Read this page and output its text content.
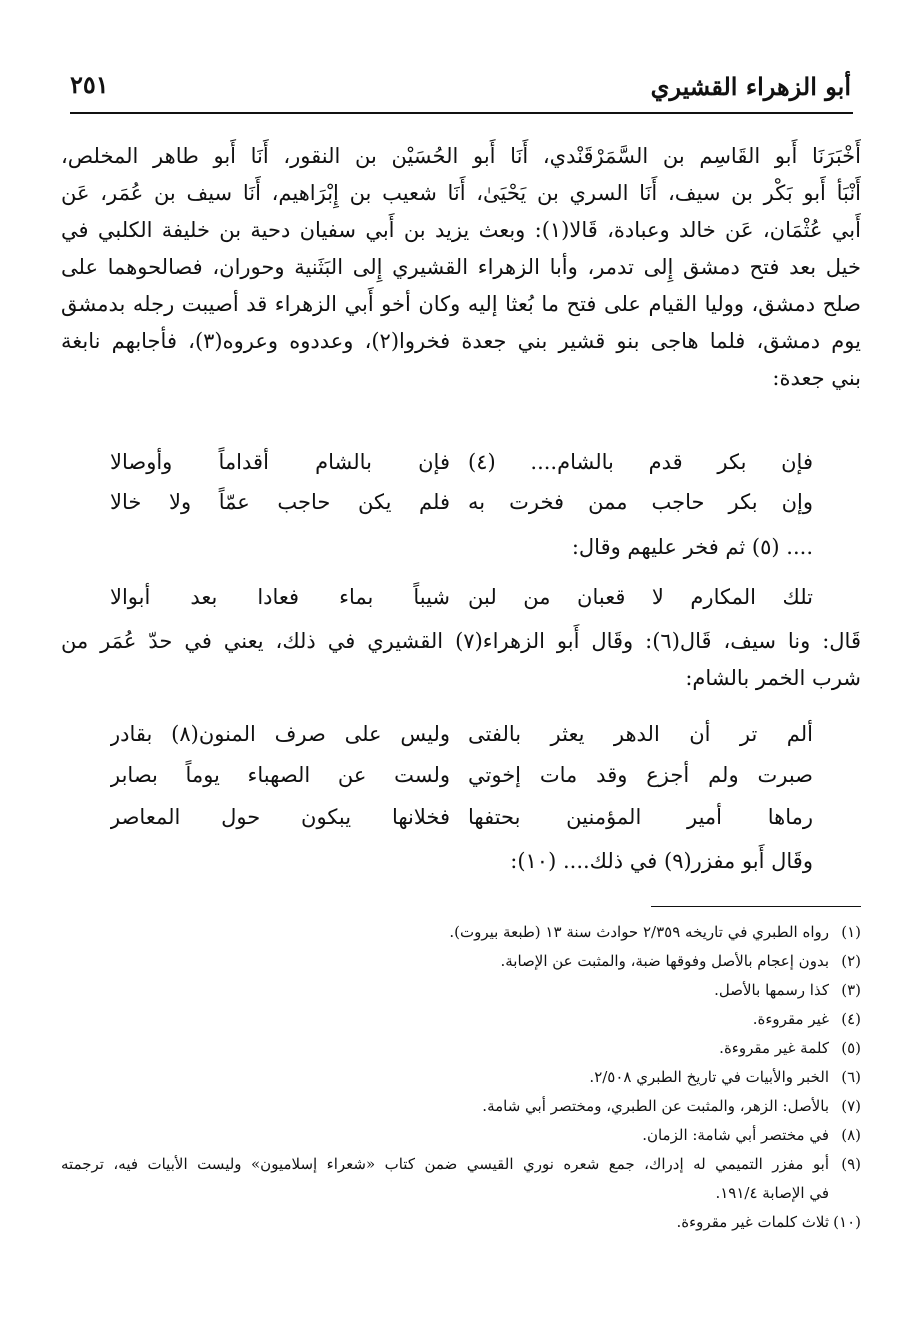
أبو الزهراء القشيري
٢٥١
أَخْبَرَنَا أَبو القَاسِم بن السَّمَرْقَنْدي، أَنَا أَبو الحُسَيْن بن النقور، أَنَا أَبو طاهر المخلص،
أَنْبَأ أَبو بَكْر بن سيف، أَنَا السري بن يَحْيَىٰ، أَنَا شعيب بن إِبْرَاهيم، أَنَا سيف بن عُمَر، عَن
أَبي عُثْمَان، عَن خالد وعبادة، قَالا(١): وبعث يزيد بن أَبي سفيان دحية بن خليفة الكلبي في
خيل بعد فتح دمشق إِلى تدمر، وأبا الزهراء القشيري إِلى البَثَنية وحوران، فصالحوهما على
صلح دمشق، ووليا القيام على فتح ما بُعثا إليه وكان أخو أَبي الزهراء قد أصيبت رجله بدمشق
يوم دمشق، فلما هاجى بنو قشير بني جعدة فخروا(٢)، وعددوه وعروه(٣)، فأجابهم نابغة
بني جعدة:
فإن بكر قدم بالشام.... (٤)
فإن بالشام أقداماً وأوصالا
وإن بكر حاجب ممن فخرت به
فلم يكن حاجب عمّاً ولا خالا
.... (٥) ثم فخر عليهم وقال:
تلك المكارم لا قعبان من لبن
شيباً بماء فعادا بعد أبوالا
قَال: ونا سيف، قَال(٦): وقَال أَبو الزهراء(٧) القشيري في ذلك، يعني في حدّ عُمَر من
شرب الخمر بالشام:
ألم تر أن الدهر يعثر بالفتى
وليس على صرف المنون(٨) بقادر
صبرت ولم أجزع وقد مات إخوتي
ولست عن الصهباء يوماً بصابر
رماها أمير المؤمنين بحتفها
فخلانها يبكون حول المعاصر
وقَال أَبو مفزر(٩) في ذلك.... (١٠):
(١)رواه الطبري في تاريخه ٢/٣٥٩ حوادث سنة ١٣ (طبعة بيروت).
(٢)بدون إعجام بالأصل وفوقها ضبة، والمثبت عن الإصابة.
(٣)كذا رسمها بالأصل.
(٤)غير مقروءة.
(٥)كلمة غير مقروءة.
(٦)الخبر والأبيات في تاريخ الطبري ٢/٥٠٨.
(٧)بالأصل: الزهر، والمثبت عن الطبري، ومختصر أبي شامة.
(٨)في مختصر أبي شامة: الزمان.
(٩)أبو مفزر التميمي له إدراك، جمع شعره نوري القيسي ضمن كتاب «شعراء إسلاميون» وليست الأبيات فيه، ترجمته
في الإصابة ١٩١/٤.
(١٠)ثلاث كلمات غير مقروءة.
